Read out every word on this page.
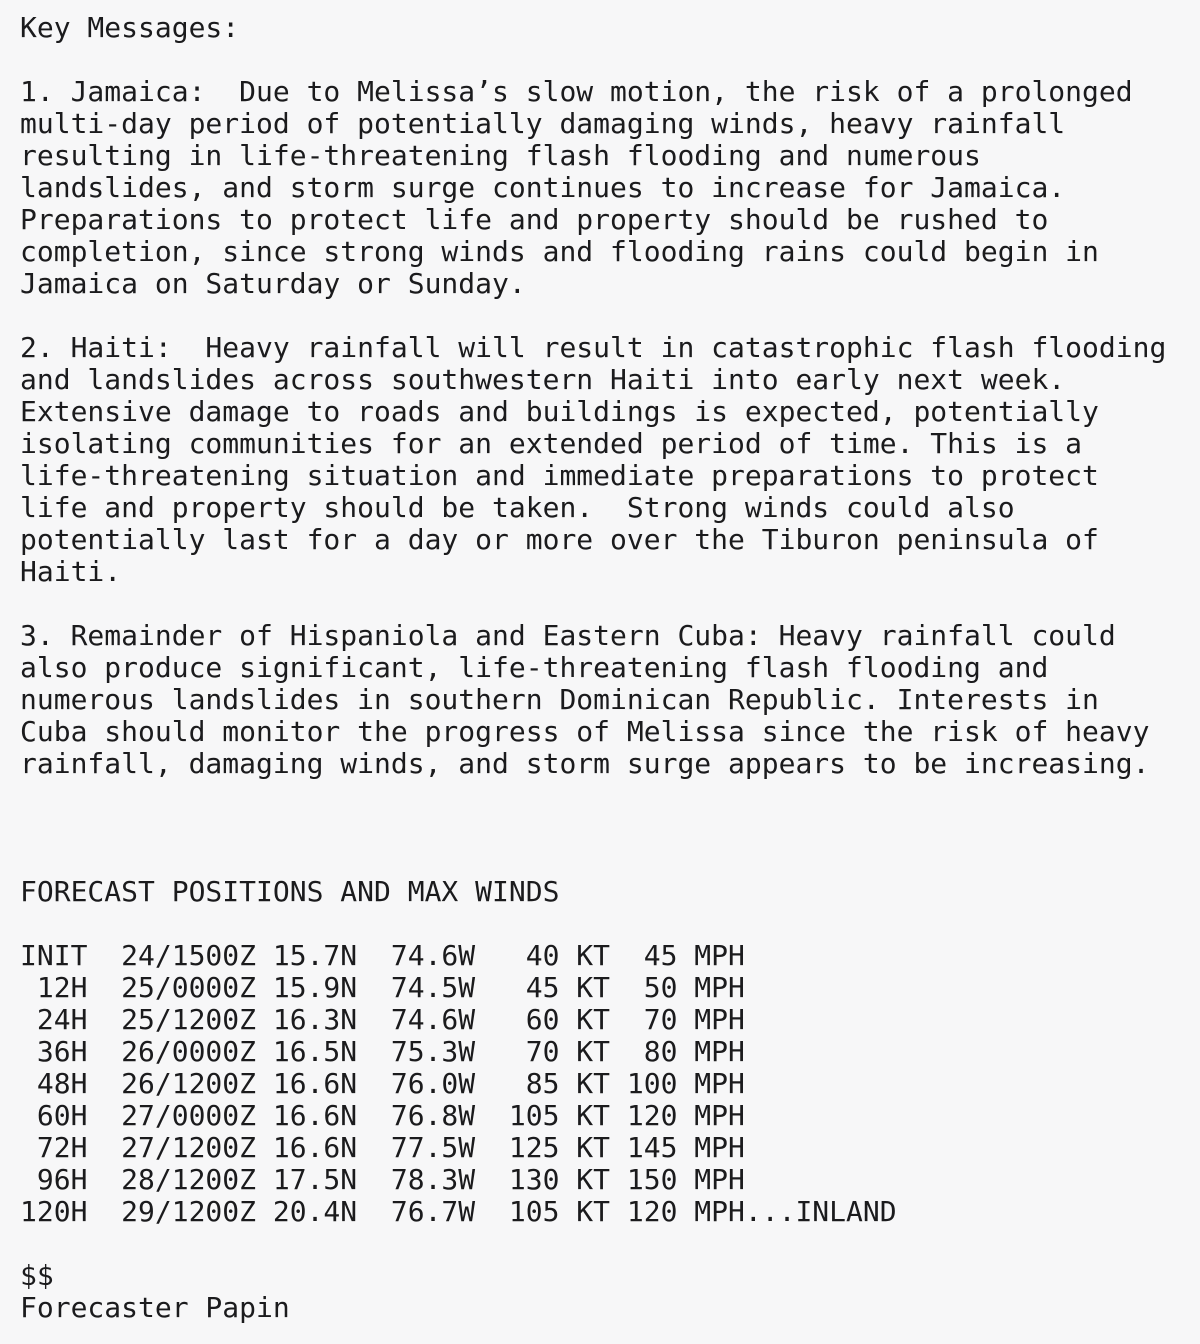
Key Messages:
1. Jamaica:  Due to Melissa’s slow motion, the risk of a prolonged
multi-day period of potentially damaging winds, heavy rainfall
resulting in life-threatening flash flooding and numerous
landslides, and storm surge continues to increase for Jamaica.
Preparations to protect life and property should be rushed to
completion, since strong winds and flooding rains could begin in
Jamaica on Saturday or Sunday.
2. Haiti:  Heavy rainfall will result in catastrophic flash flooding
and landslides across southwestern Haiti into early next week.
Extensive damage to roads and buildings is expected, potentially
isolating communities for an extended period of time. This is a
life-threatening situation and immediate preparations to protect
life and property should be taken.  Strong winds could also
potentially last for a day or more over the Tiburon peninsula of
Haiti.
3. Remainder of Hispaniola and Eastern Cuba: Heavy rainfall could
also produce significant, life-threatening flash flooding and
numerous landslides in southern Dominican Republic. Interests in
Cuba should monitor the progress of Melissa since the risk of heavy
rainfall, damaging winds, and storm surge appears to be increasing.
FORECAST POSITIONS AND MAX WINDS
INIT  24/1500Z 15.7N  74.6W   40 KT  45 MPH
12H  25/0000Z 15.9N  74.5W   45 KT  50 MPH
24H  25/1200Z 16.3N  74.6W   60 KT  70 MPH
36H  26/0000Z 16.5N  75.3W   70 KT  80 MPH
48H  26/1200Z 16.6N  76.0W   85 KT 100 MPH
60H  27/0000Z 16.6N  76.8W  105 KT 120 MPH
72H  27/1200Z 16.6N  77.5W  125 KT 145 MPH
96H  28/1200Z 17.5N  78.3W  130 KT 150 MPH
120H  29/1200Z 20.4N  76.7W  105 KT 120 MPH...INLAND
$$
Forecaster Papin
